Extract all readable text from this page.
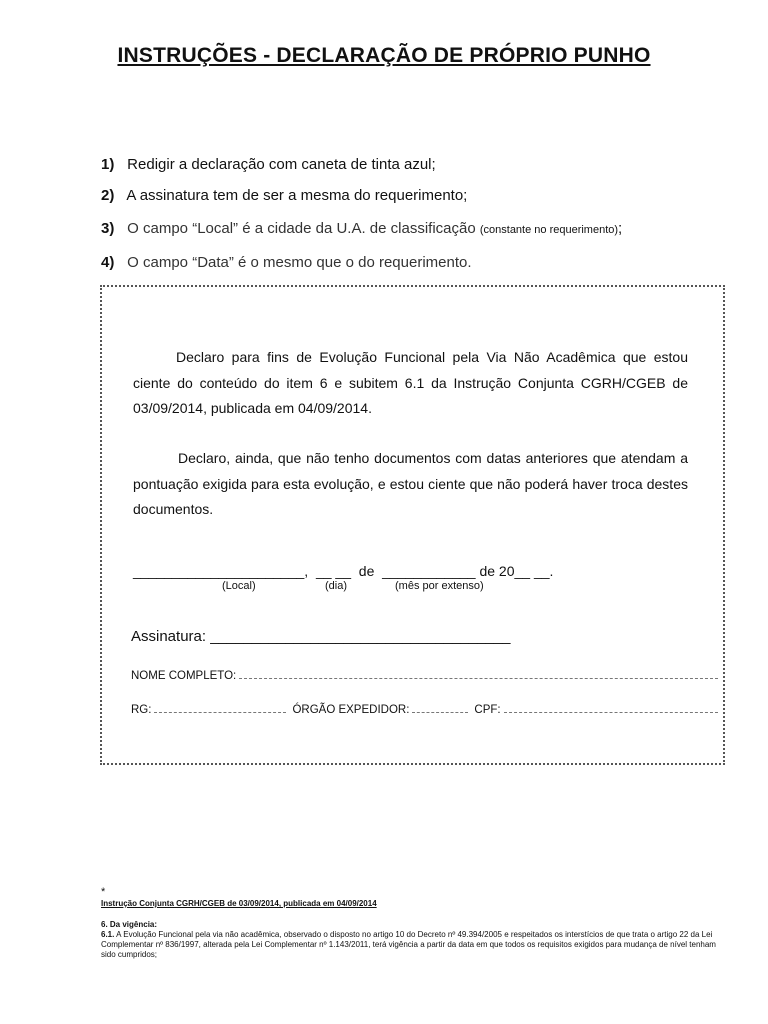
INSTRUÇÕES - DECLARAÇÃO DE PRÓPRIO PUNHO
1) Redigir a declaração com caneta de tinta azul;
2) A assinatura tem de ser a mesma do requerimento;
3) O campo “Local” é a cidade da U.A. de classificação (constante no requerimento);
4) O campo “Data” é o mesmo que o do requerimento.
Declaro para fins de Evolução Funcional pela Via Não Acadêmica que estou ciente do conteúdo do item 6 e subitem 6.1 da Instrução Conjunta CGRH/CGEB de 03/09/2014, publicada em 04/09/2014.
Declaro, ainda, que não tenho documentos com datas anteriores que atendam a pontuação exigida para esta evolução, e estou ciente que não poderá haver troca destes documentos.
______________________,  __ __  de  ____________ de 20__ __.
(Local)	(dia)	(mês por extenso)
Assinatura: ____________________________________
NOME COMPLETO:
RG:	ÓRGÃO EXPEDIDOR:	CPF:
*
Instrução Conjunta CGRH/CGEB de 03/09/2014, publicada em 04/09/2014
6. Da vigência:
6.1. A Evolução Funcional pela via não acadêmica, observado o disposto no artigo 10 do Decreto nº 49.394/2005 e respeitados os interstícios de que trata o artigo 22 da Lei Complementar nº 836/1997, alterada pela Lei Complementar nº 1.143/2011, terá vigência a partir da data em que todos os requisitos exigidos para mudança de nível tenham sido cumpridos;
